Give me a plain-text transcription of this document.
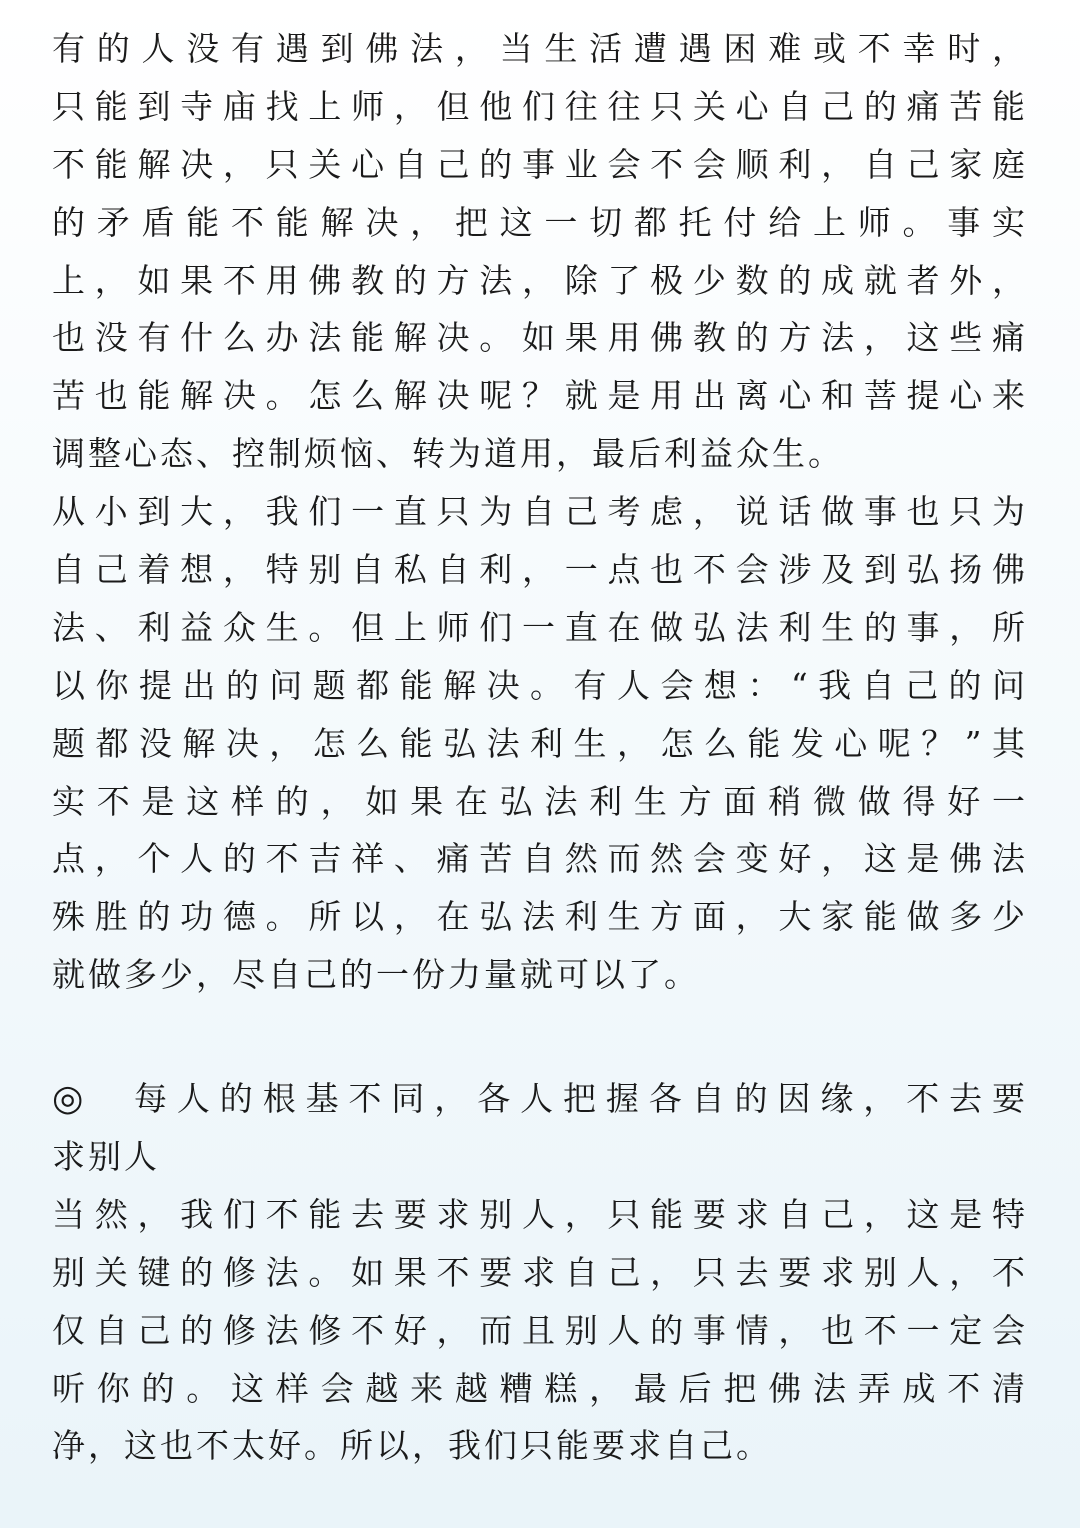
有的人没有遇到佛法，当生活遭遇困难或不幸时，
只能到寺庙找上师，但他们往往只关心自己的痛苦能
不能解决，只关心自己的事业会不会顺利，自己家庭
的矛盾能不能解决，把这一切都托付给上师。事实
上，如果不用佛教的方法，除了极少数的成就者外，
也没有什么办法能解决。如果用佛教的方法，这些痛
苦也能解决。怎么解决呢？就是用出离心和菩提心来
调整心态、控制烦恼、转为道用，最后利益众生。
从小到大，我们一直只为自己考虑，说话做事也只为
自己着想，特别自私自利，一点也不会涉及到弘扬佛
法、利益众生。但上师们一直在做弘法利生的事，所
以你提出的问题都能解决。有人会想：“我自己的问
题都没解决，怎么能弘法利生，怎么能发心呢？”其
实不是这样的，如果在弘法利生方面稍微做得好一
点，个人的不吉祥、痛苦自然而然会变好，这是佛法
殊胜的功德。所以，在弘法利生方面，大家能做多少
就做多少，尽自己的一份力量就可以了。
◎	每人的根基不同，各人把握各自的因缘，不去要
求别人
当然，我们不能去要求别人，只能要求自己，这是特
别关键的修法。如果不要求自己，只去要求别人，不
仅自己的修法修不好，而且别人的事情，也不一定会
听你的。这样会越来越糟糕，最后把佛法弄成不清
净，这也不太好。所以，我们只能要求自己。
